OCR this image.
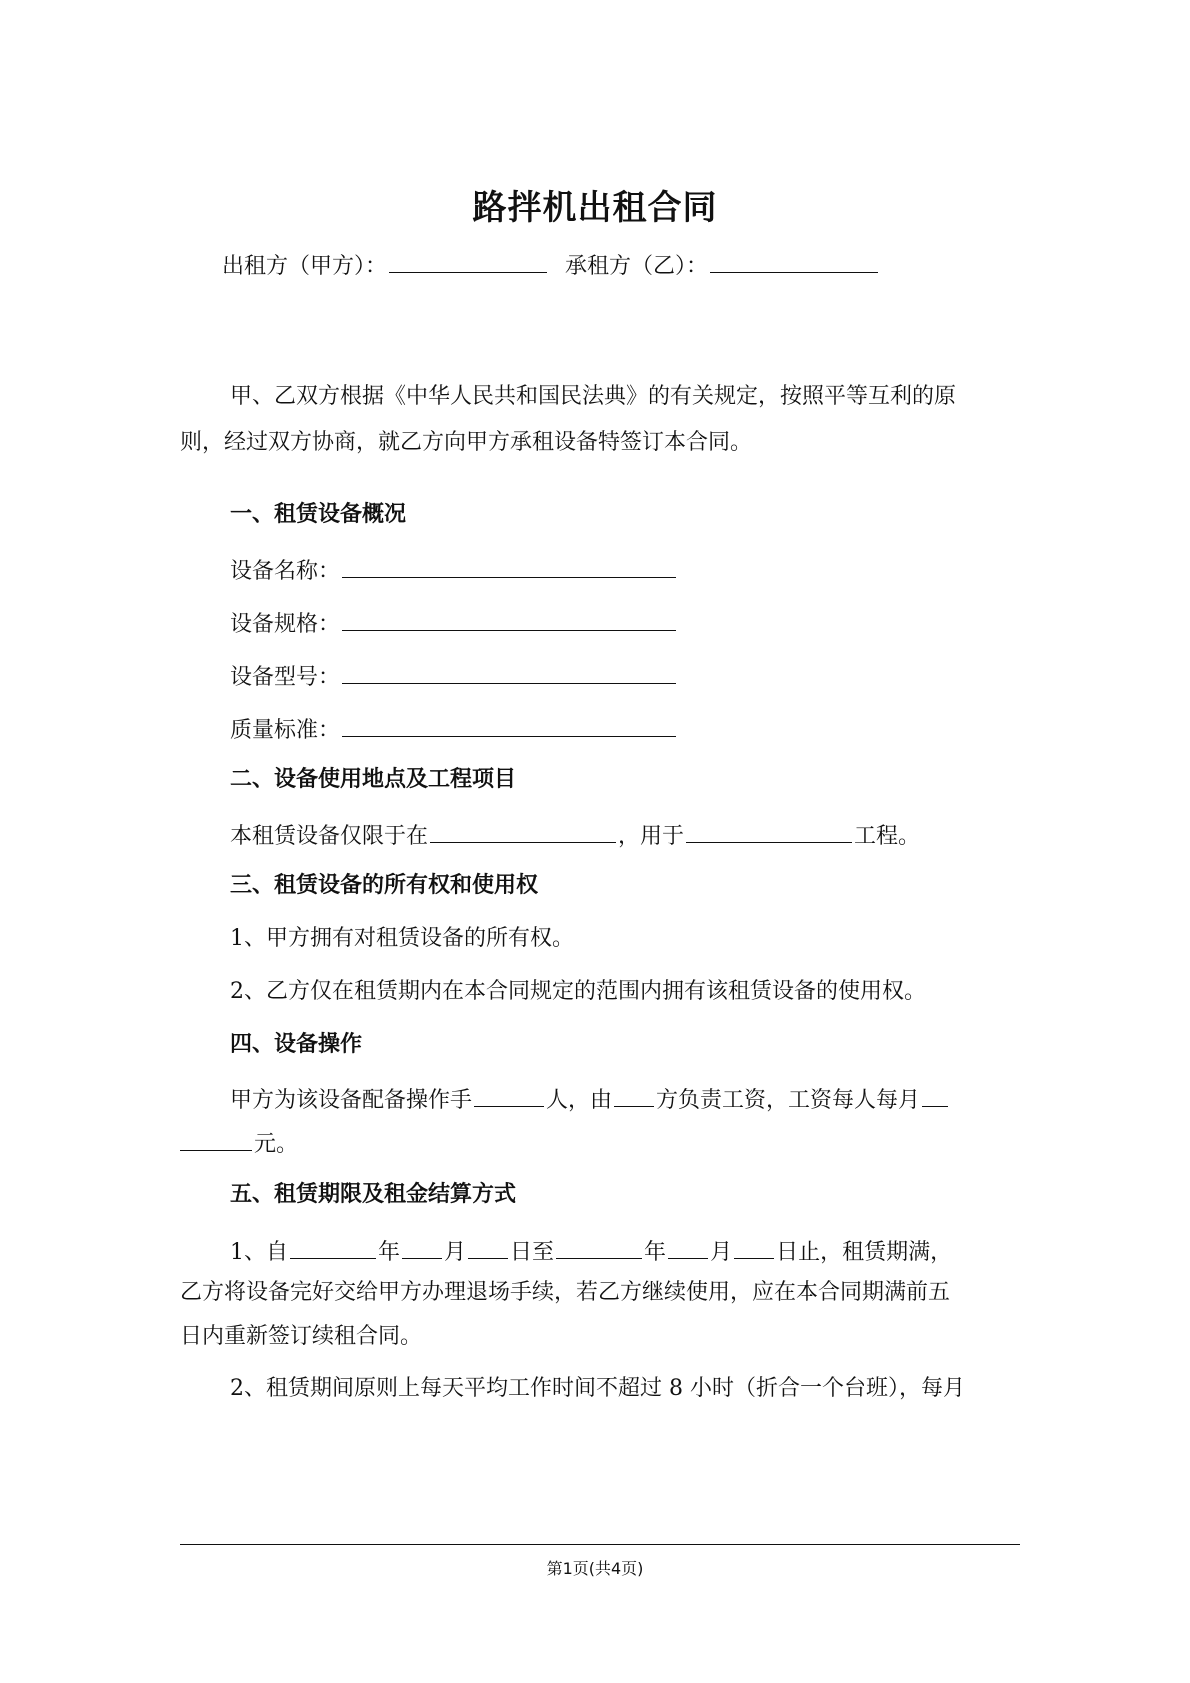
路拌机出租合同
出租方（甲方）：	承租方（乙）：
甲、乙双方根据《中华人民共和国民法典》的有关规定，按照平等互利的原
则，经过双方协商，就乙方向甲方承租设备特签订本合同。
一、租赁设备概况
设备名称：
设备规格：
设备型号：
质量标准：
二、设备使用地点及工程项目
本租赁设备仅限于在	，用于	工程。
三、租赁设备的所有权和使用权
1、甲方拥有对租赁设备的所有权。
2、乙方仅在租赁期内在本合同规定的范围内拥有该租赁设备的使用权。
四、设备操作
甲方为该设备配备操作手	人，由 方负责工资，工资每人每月
元。
五、租赁期限及租金结算方式
1、自	年 月 日至	年 月 日止，租赁期满，
乙方将设备完好交给甲方办理退场手续，若乙方继续使用，应在本合同期满前五
日内重新签订续租合同。
2、租赁期间原则上每天平均工作时间不超过 8 小时（折合一个台班），每月
第1页(共4页)
